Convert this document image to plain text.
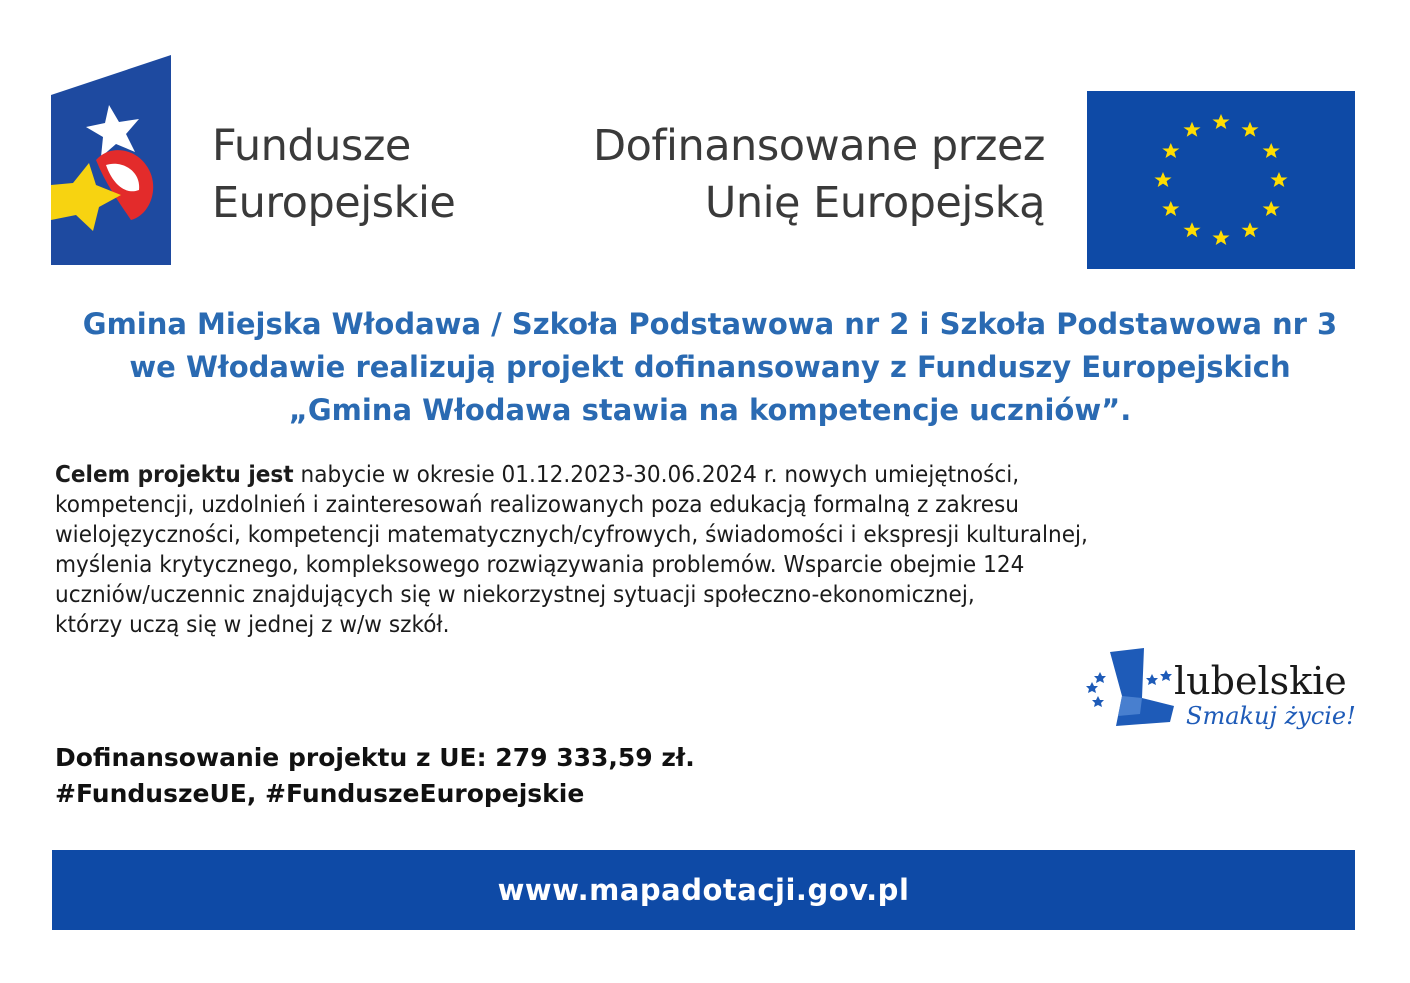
Fundusze
Europejskie
Dofinansowane przez
Unię Europejską
Gmina Miejska Włodawa / Szkoła Podstawowa nr 2 i Szkoła Podstawowa nr 3
we Włodawie realizują projekt dofinansowany z Funduszy Europejskich
„Gmina Włodawa stawia na kompetencje uczniów”.
Celem projektu jest nabycie w okresie 01.12.2023-30.06.2024 r. nowych umiejętności,
kompetencji, uzdolnień i zainteresowań realizowanych poza edukacją formalną z zakresu
wielojęzyczności, kompetencji matematycznych/cyfrowych, świadomości i ekspresji kulturalnej,
myślenia krytycznego, kompleksowego rozwiązywania problemów. Wsparcie obejmie 124
uczniów/uczennic znajdujących się w niekorzystnej sytuacji społeczno-ekonomicznej,
którzy uczą się w jednej z w/w szkół.
lubelskie
Smakuj życie!
Dofinansowanie projektu z UE: 279 333,59 zł.
#FunduszeUE, #FunduszeEuropejskie
www.mapadotacji.gov.pl
